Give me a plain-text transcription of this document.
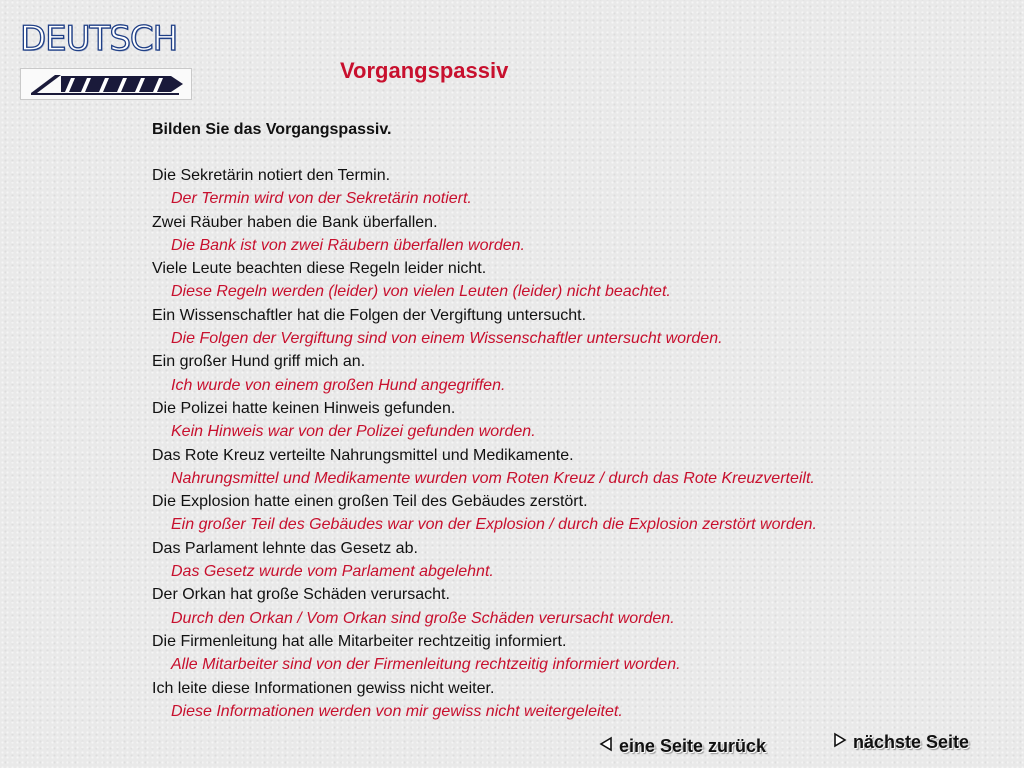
DEUTSCH
Vorgangspassiv
Bilden Sie das Vorgangspassiv.
Die Sekretärin notiert den Termin.
Der Termin wird von der Sekretärin notiert.
Zwei Räuber haben die Bank überfallen.
Die Bank ist von zwei Räubern überfallen worden.
Viele Leute beachten diese Regeln leider nicht.
Diese Regeln werden (leider) von vielen Leuten (leider) nicht beachtet.
Ein Wissenschaftler hat die Folgen der Vergiftung untersucht.
Die Folgen der Vergiftung sind von einem Wissenschaftler untersucht worden.
Ein großer Hund griff mich an.
Ich wurde von einem großen Hund angegriffen.
Die Polizei hatte keinen Hinweis gefunden.
Kein Hinweis war von der Polizei gefunden worden.
Das Rote Kreuz verteilte Nahrungsmittel und Medikamente.
Nahrungsmittel und Medikamente wurden vom Roten Kreuz / durch das Rote Kreuzverteilt.
Die Explosion hatte einen großen Teil des Gebäudes zerstört.
Ein großer Teil des Gebäudes war von der Explosion / durch die Explosion zerstört worden.
Das Parlament lehnte das Gesetz ab.
Das Gesetz wurde vom Parlament abgelehnt.
Der Orkan hat große Schäden verursacht.
Durch den Orkan / Vom Orkan sind große Schäden verursacht worden.
Die Firmenleitung hat alle Mitarbeiter rechtzeitig informiert.
Alle Mitarbeiter sind von der Firmenleitung rechtzeitig informiert worden.
Ich leite diese Informationen gewiss nicht weiter.
Diese Informationen werden von mir gewiss nicht weitergeleitet.
eine Seite zurück	nächste Seite
